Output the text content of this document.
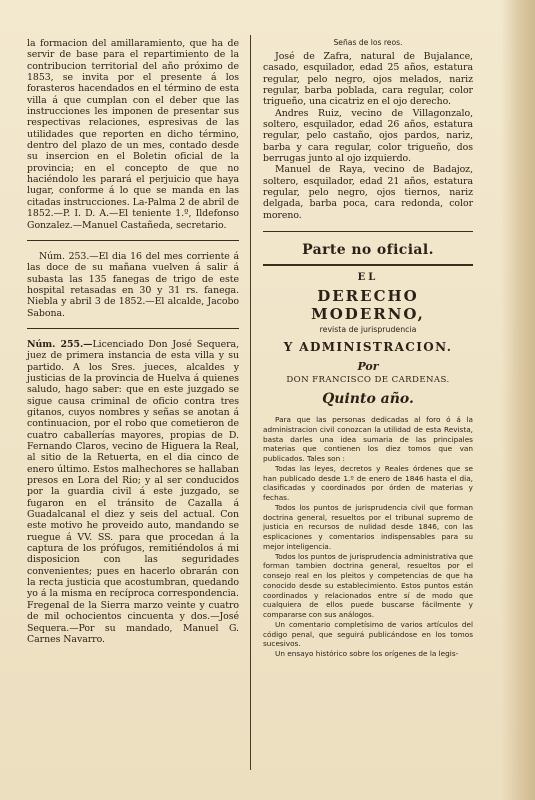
la formacion del amillaramiento, que ha de servir de base para el repartimiento de la contribucion territorial del año próximo de 1853, se invita por el presente á los forasteros hacendados en el término de esta villa á que cumplan con el deber que las instrucciones les imponen de presentar sus respectivas relaciones, espresivas de las utilidades que reporten en dicho término, dentro del plazo de un mes, contado desde su insercion en el Boletin oficial de la provincia; en el concepto de que no haciéndolo les parará el perjuicio que haya lugar, conforme á lo que se manda en las citadas instrucciones. La-Palma 2 de abril de 1852.—P. I. D. A.—El teniente 1.º, Ildefonso Gonzalez.—Manuel Castañeda, secretario.

Núm. 253.—El dia 16 del mes corriente á las doce de su mañana vuelven á salir á subasta las 135 fanegas de trigo de este hospital retasadas en 30 y 31 rs. fanega. Niebla y abril 3 de 1852.—El alcalde, Jacobo Sabona.

Núm. 255.—Licenciado Don José Sequera, juez de primera instancia de esta villa y su partido. A los Sres. jueces, alcaldes y justicias de la provincia de Huelva á quienes saludo, hago saber: que en este juzgado se sigue causa criminal de oficio contra tres gitanos, cuyos nombres y señas se anotan á continuacion, por el robo que cometieron de cuatro caballerías mayores, propias de D. Fernando Claros, vecino de Higuera la Real, al sitio de la Retuerta, en el dia cinco de enero último. Estos malhechores se hallaban presos en Lora del Rio; y al ser conducidos por la guardia civil á este juzgado, se fugaron en el tránsito de Cazalla á Guadalcanal el diez y seis del actual. Con este motivo he proveido auto, mandando se ruegue á VV. SS. para que procedan á la captura de los prófugos, remitiéndolos á mi disposicion con las seguridades convenientes; pues en hacerlo obrarán con la recta justicia que acostumbran, quedando yo á la misma en recíproca correspondencia. Fregenal de la Sierra marzo veinte y cuatro de mil ochocientos cincuenta y dos.—José Sequera.—Por su mandado, Manuel G. Carnes Navarro.

Señas de los reos.

José de Zafra, natural de Bujalance, casado, esquilador, edad 25 años, estatura regular, pelo negro, ojos melados, nariz regular, barba poblada, cara regular, color trigueño, una cicatriz en el ojo derecho.

Andres Ruiz, vecino de Villagonzalo, soltero, esquilador, edad 26 años, estatura regular, pelo castaño, ojos pardos, nariz, barba y cara regular, color trigueño, dos berrugas junto al ojo izquierdo.

Manuel de Raya, vecino de Badajoz, soltero, esquilador, edad 21 años, estatura regular, pelo negro, ojos tiernos, nariz delgada, barba poca, cara redonda, color moreno.

Parte no oficial.

EL

DERECHO MODERNO,

revista de jurisprudencia

Y ADMINISTRACION.

Por

DON FRANCISCO DE CARDENAS.

Quinto año.

Para que las personas dedicadas al foro ó á la administracion civil conozcan la utilidad de esta Revista, basta darles una idea sumaria de las principales materias que contienen los diez tomos que van publicados. Tales son :

Todas las leyes, decretos y Reales órdenes que se han publicado desde 1.º de enero de 1846 hasta el dia, clasificadas y coordinados por órden de materias y fechas.

Todos los puntos de jurisprudencia civil que forman doctrina general, resueltos por el tribunal supremo de justicia en recursos de nulidad desde 1846, con las esplicaciones y comentarios indispensables para su mejor inteligencia.

Todos los puntos de jurisprudencia administrativa que forman tambien doctrina general, resueltos por el consejo real en los pleitos y competencias de que ha conocido desde su establecimiento. Estos puntos están coordinados y relacionados entre sí de modo que cualquiera de ellos puede buscarse fácilmente y compararse con sus análogos.

Un comentario completísimo de varios artículos del código penal, que seguirá publicándose en los tomos sucesivos.

Un ensayo histórico sobre los orígenes de la legis-
